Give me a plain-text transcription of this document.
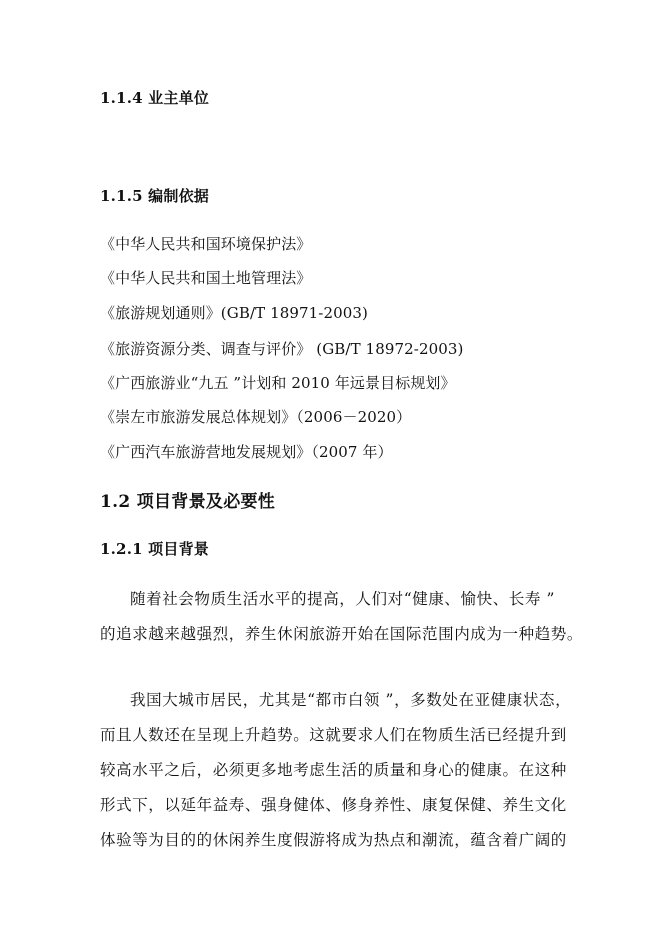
1.1.4 业主单位
1.1.5 编制依据
《中华人民共和国环境保护法》
《中华人民共和国土地管理法》
《旅游规划通则》(GB/T 18971-2003)
《旅游资源分类、调查与评价》 (GB/T 18972-2003)
《广西旅游业“九五 ”计划和 2010 年远景目标规划》
《崇左市旅游发展总体规划》（2006－2020）
《广西汽车旅游营地发展规划》（2007 年）
1.2 项目背景及必要性
1.2.1 项目背景
随着社会物质生活水平的提高，人们对“健康、愉快、长寿 ”
的追求越来越强烈，养生休闲旅游开始在国际范围内成为一种趋势。
我国大城市居民，尤其是“都市白领 ”，多数处在亚健康状态，
而且人数还在呈现上升趋势。这就要求人们在物质生活已经提升到
较高水平之后，必须更多地考虑生活的质量和身心的健康。在这种
形式下，以延年益寿、强身健体、修身养性、康复保健、养生文化
体验等为目的的休闲养生度假游将成为热点和潮流，蕴含着广阔的
